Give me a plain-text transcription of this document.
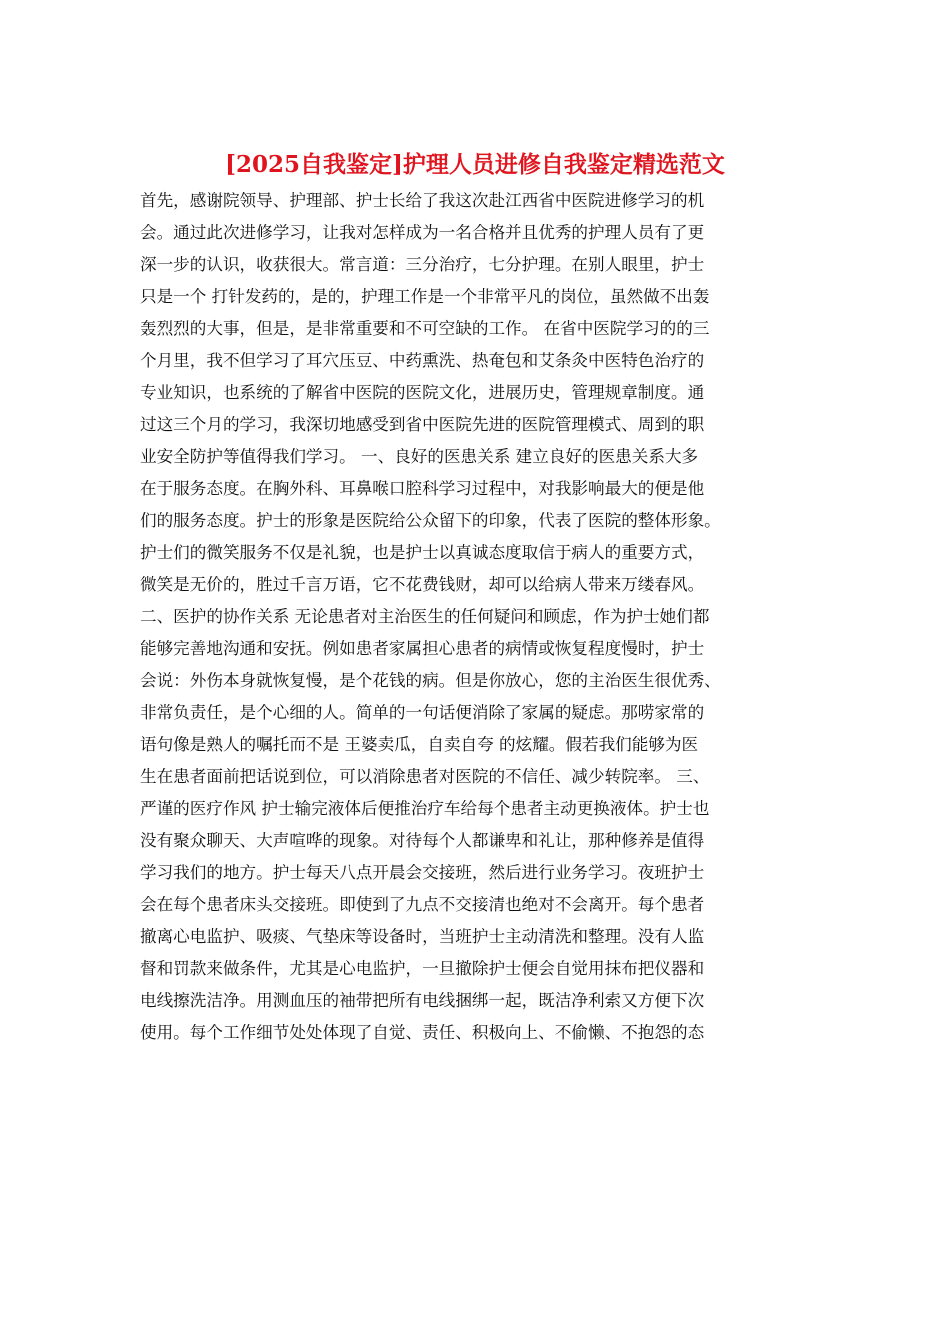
[2025自我鉴定]护理人员进修自我鉴定精选范文
首先，感谢院领导、护理部、护士长给了我这次赴江西省中医院进修学习的机
会。通过此次进修学习，让我对怎样成为一名合格并且优秀的护理人员有了更
深一步的认识，收获很大。常言道：三分治疗，七分护理。在别人眼里，护士
只是一个 打针发药的，是的，护理工作是一个非常平凡的岗位，虽然做不出轰
轰烈烈的大事，但是，是非常重要和不可空缺的工作。 在省中医院学习的的三
个月里，我不但学习了耳穴压豆、中药熏洗、热奄包和艾条灸中医特色治疗的
专业知识，也系统的了解省中医院的医院文化，进展历史，管理规章制度。通
过这三个月的学习，我深切地感受到省中医院先进的医院管理模式、周到的职
业安全防护等值得我们学习。 一、良好的医患关系 建立良好的医患关系大多
在于服务态度。在胸外科、耳鼻喉口腔科学习过程中，对我影响最大的便是他
们的服务态度。护士的形象是医院给公众留下的印象，代表了医院的整体形象。
护士们的微笑服务不仅是礼貌，也是护士以真诚态度取信于病人的重要方式，
微笑是无价的，胜过千言万语，它不花费钱财，却可以给病人带来万缕春风。
二、医护的协作关系 无论患者对主治医生的任何疑问和顾虑，作为护士她们都
能够完善地沟通和安抚。例如患者家属担心患者的病情或恢复程度慢时，护士
会说：外伤本身就恢复慢，是个花钱的病。但是你放心，您的主治医生很优秀、
非常负责任，是个心细的人。简单的一句话便消除了家属的疑虑。那唠家常的
语句像是熟人的嘱托而不是 王婆卖瓜，自卖自夸 的炫耀。假若我们能够为医
生在患者面前把话说到位，可以消除患者对医院的不信任、减少转院率。 三、
严谨的医疗作风 护士输完液体后便推治疗车给每个患者主动更换液体。护士也
没有聚众聊天、大声喧哗的现象。对待每个人都谦卑和礼让，那种修养是值得
学习我们的地方。护士每天八点开晨会交接班，然后进行业务学习。夜班护士
会在每个患者床头交接班。即使到了九点不交接清也绝对不会离开。每个患者
撤离心电监护、吸痰、气垫床等设备时，当班护士主动清洗和整理。没有人监
督和罚款来做条件，尤其是心电监护，一旦撤除护士便会自觉用抹布把仪器和
电线擦洗洁净。用测血压的袖带把所有电线捆绑一起，既洁净利索又方便下次
使用。每个工作细节处处体现了自觉、责任、积极向上、不偷懒、不抱怨的态
